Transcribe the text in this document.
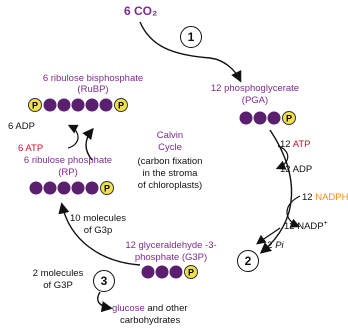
6 CO₂
1
2
3
6 ribulose bisphosphate
(RuBP)
P	P
12 phosphoglycerate
(PGA)
P
6 ADP
6 ATP
6 ribulose phosphate
(RP)
P
Calvin
Cycle
(carbon fixation
in the stroma
of chloroplasts)
12 ATP
12 ADP
12 NADPH
12 NADP+
12 Pi
12 glyceraldehyde -3-
phosphate (G3P)
P
10 molecules
of G3p
2 molecules
of G3P
glucose and other
carbohydrates
